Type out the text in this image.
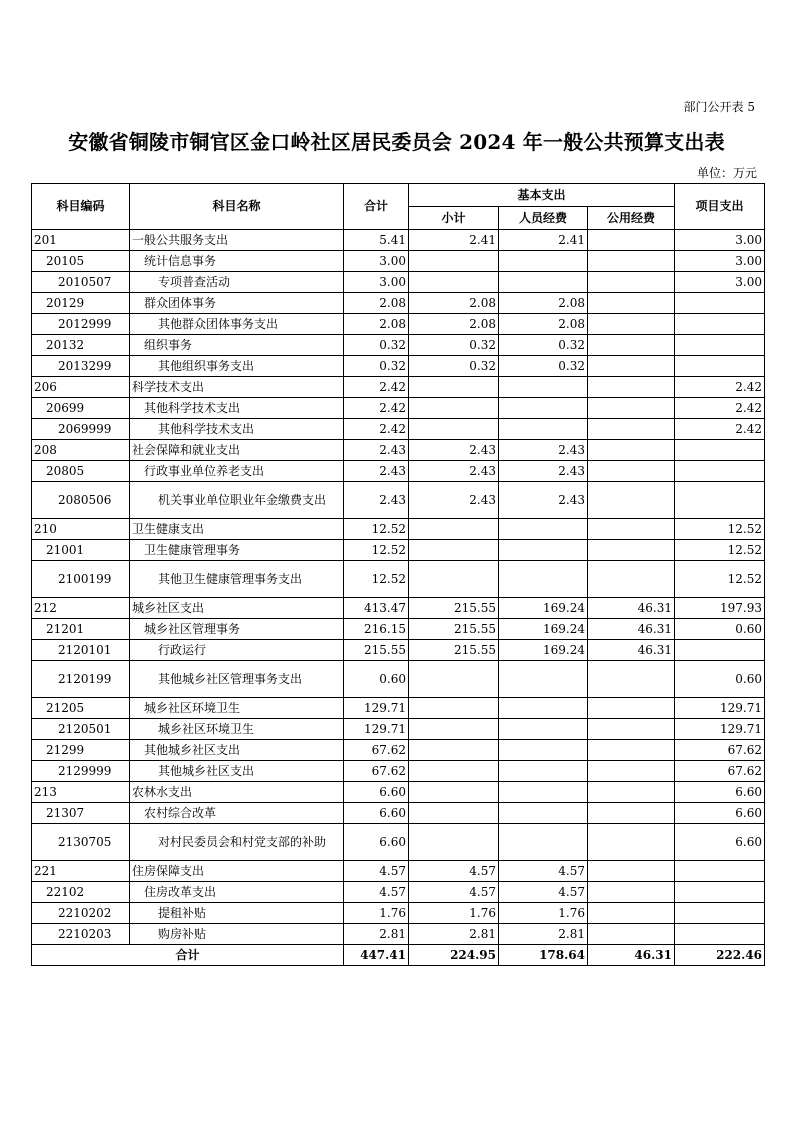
部门公开表 5
安徽省铜陵市铜官区金口岭社区居民委员会 2024 年一般公共预算支出表
单位：万元
科目编码	科目名称	合计	基本支出			项目支出
			小计	人员经费	公用经费	
201	一般公共服务支出	5.41	2.41	2.41		3.00
20105	统计信息事务	3.00				3.00
2010507	专项普查活动	3.00				3.00
20129	群众团体事务	2.08	2.08	2.08		
2012999	其他群众团体事务支出	2.08	2.08	2.08		
20132	组织事务	0.32	0.32	0.32		
2013299	其他组织事务支出	0.32	0.32	0.32		
206	科学技术支出	2.42				2.42
20699	其他科学技术支出	2.42				2.42
2069999	其他科学技术支出	2.42				2.42
208	社会保障和就业支出	2.43	2.43	2.43		
20805	行政事业单位养老支出	2.43	2.43	2.43		
2080506	机关事业单位职业年金缴费支出	2.43	2.43	2.43		
210	卫生健康支出	12.52				12.52
21001	卫生健康管理事务	12.52				12.52
2100199	其他卫生健康管理事务支出	12.52				12.52
212	城乡社区支出	413.47	215.55	169.24	46.31	197.93
21201	城乡社区管理事务	216.15	215.55	169.24	46.31	0.60
2120101	行政运行	215.55	215.55	169.24	46.31	
2120199	其他城乡社区管理事务支出	0.60				0.60
21205	城乡社区环境卫生	129.71				129.71
2120501	城乡社区环境卫生	129.71				129.71
21299	其他城乡社区支出	67.62				67.62
2129999	其他城乡社区支出	67.62				67.62
213	农林水支出	6.60				6.60
21307	农村综合改革	6.60				6.60
2130705	对村民委员会和村党支部的补助	6.60				6.60
221	住房保障支出	4.57	4.57	4.57		
22102	住房改革支出	4.57	4.57	4.57		
2210202	提租补贴	1.76	1.76	1.76		
2210203	购房补贴	2.81	2.81	2.81		
合计		447.41	224.95	178.64	46.31	222.46
